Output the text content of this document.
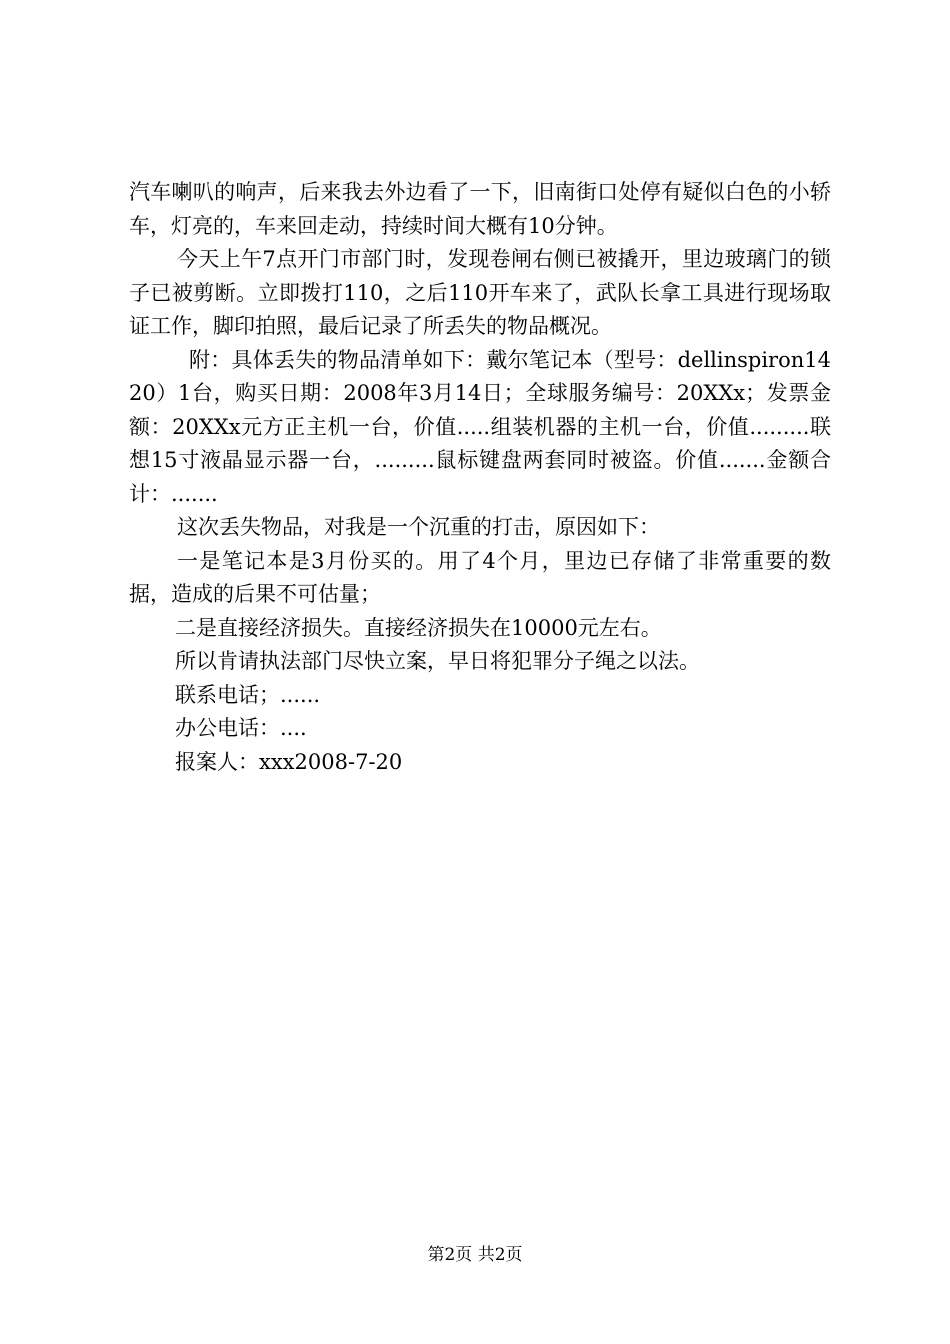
汽车喇叭的响声，后来我去外边看了一下，旧南街口处停有疑似白色的小轿车，灯亮的，车来回走动，持续时间大概有10分钟。

今天上午7点开门市部门时，发现卷闸右侧已被撬开，里边玻璃门的锁子已被剪断。立即拨打110，之后110开车来了，武队长拿工具进行现场取证工作，脚印拍照，最后记录了所丢失的物品概况。

附：具体丢失的物品清单如下：戴尔笔记本（型号：dellinspiron1420）1台，购买日期：2008年3月14日；全球服务编号：20XXx；发票金额：20XXx元方正主机一台，价值.....组装机器的主机一台，价值.........联想15寸液晶显示器一台，.........鼠标键盘两套同时被盗。价值.......金额合计：.......

这次丢失物品，对我是一个沉重的打击，原因如下：

一是笔记本是3月份买的。用了4个月，里边已存储了非常重要的数据，造成的后果不可估量；

二是直接经济损失。直接经济损失在10000元左右。

所以肯请执法部门尽快立案，早日将犯罪分子绳之以法。

联系电话；......

办公电话：....

报案人：xxx2008-7-20

第2页 共2页
